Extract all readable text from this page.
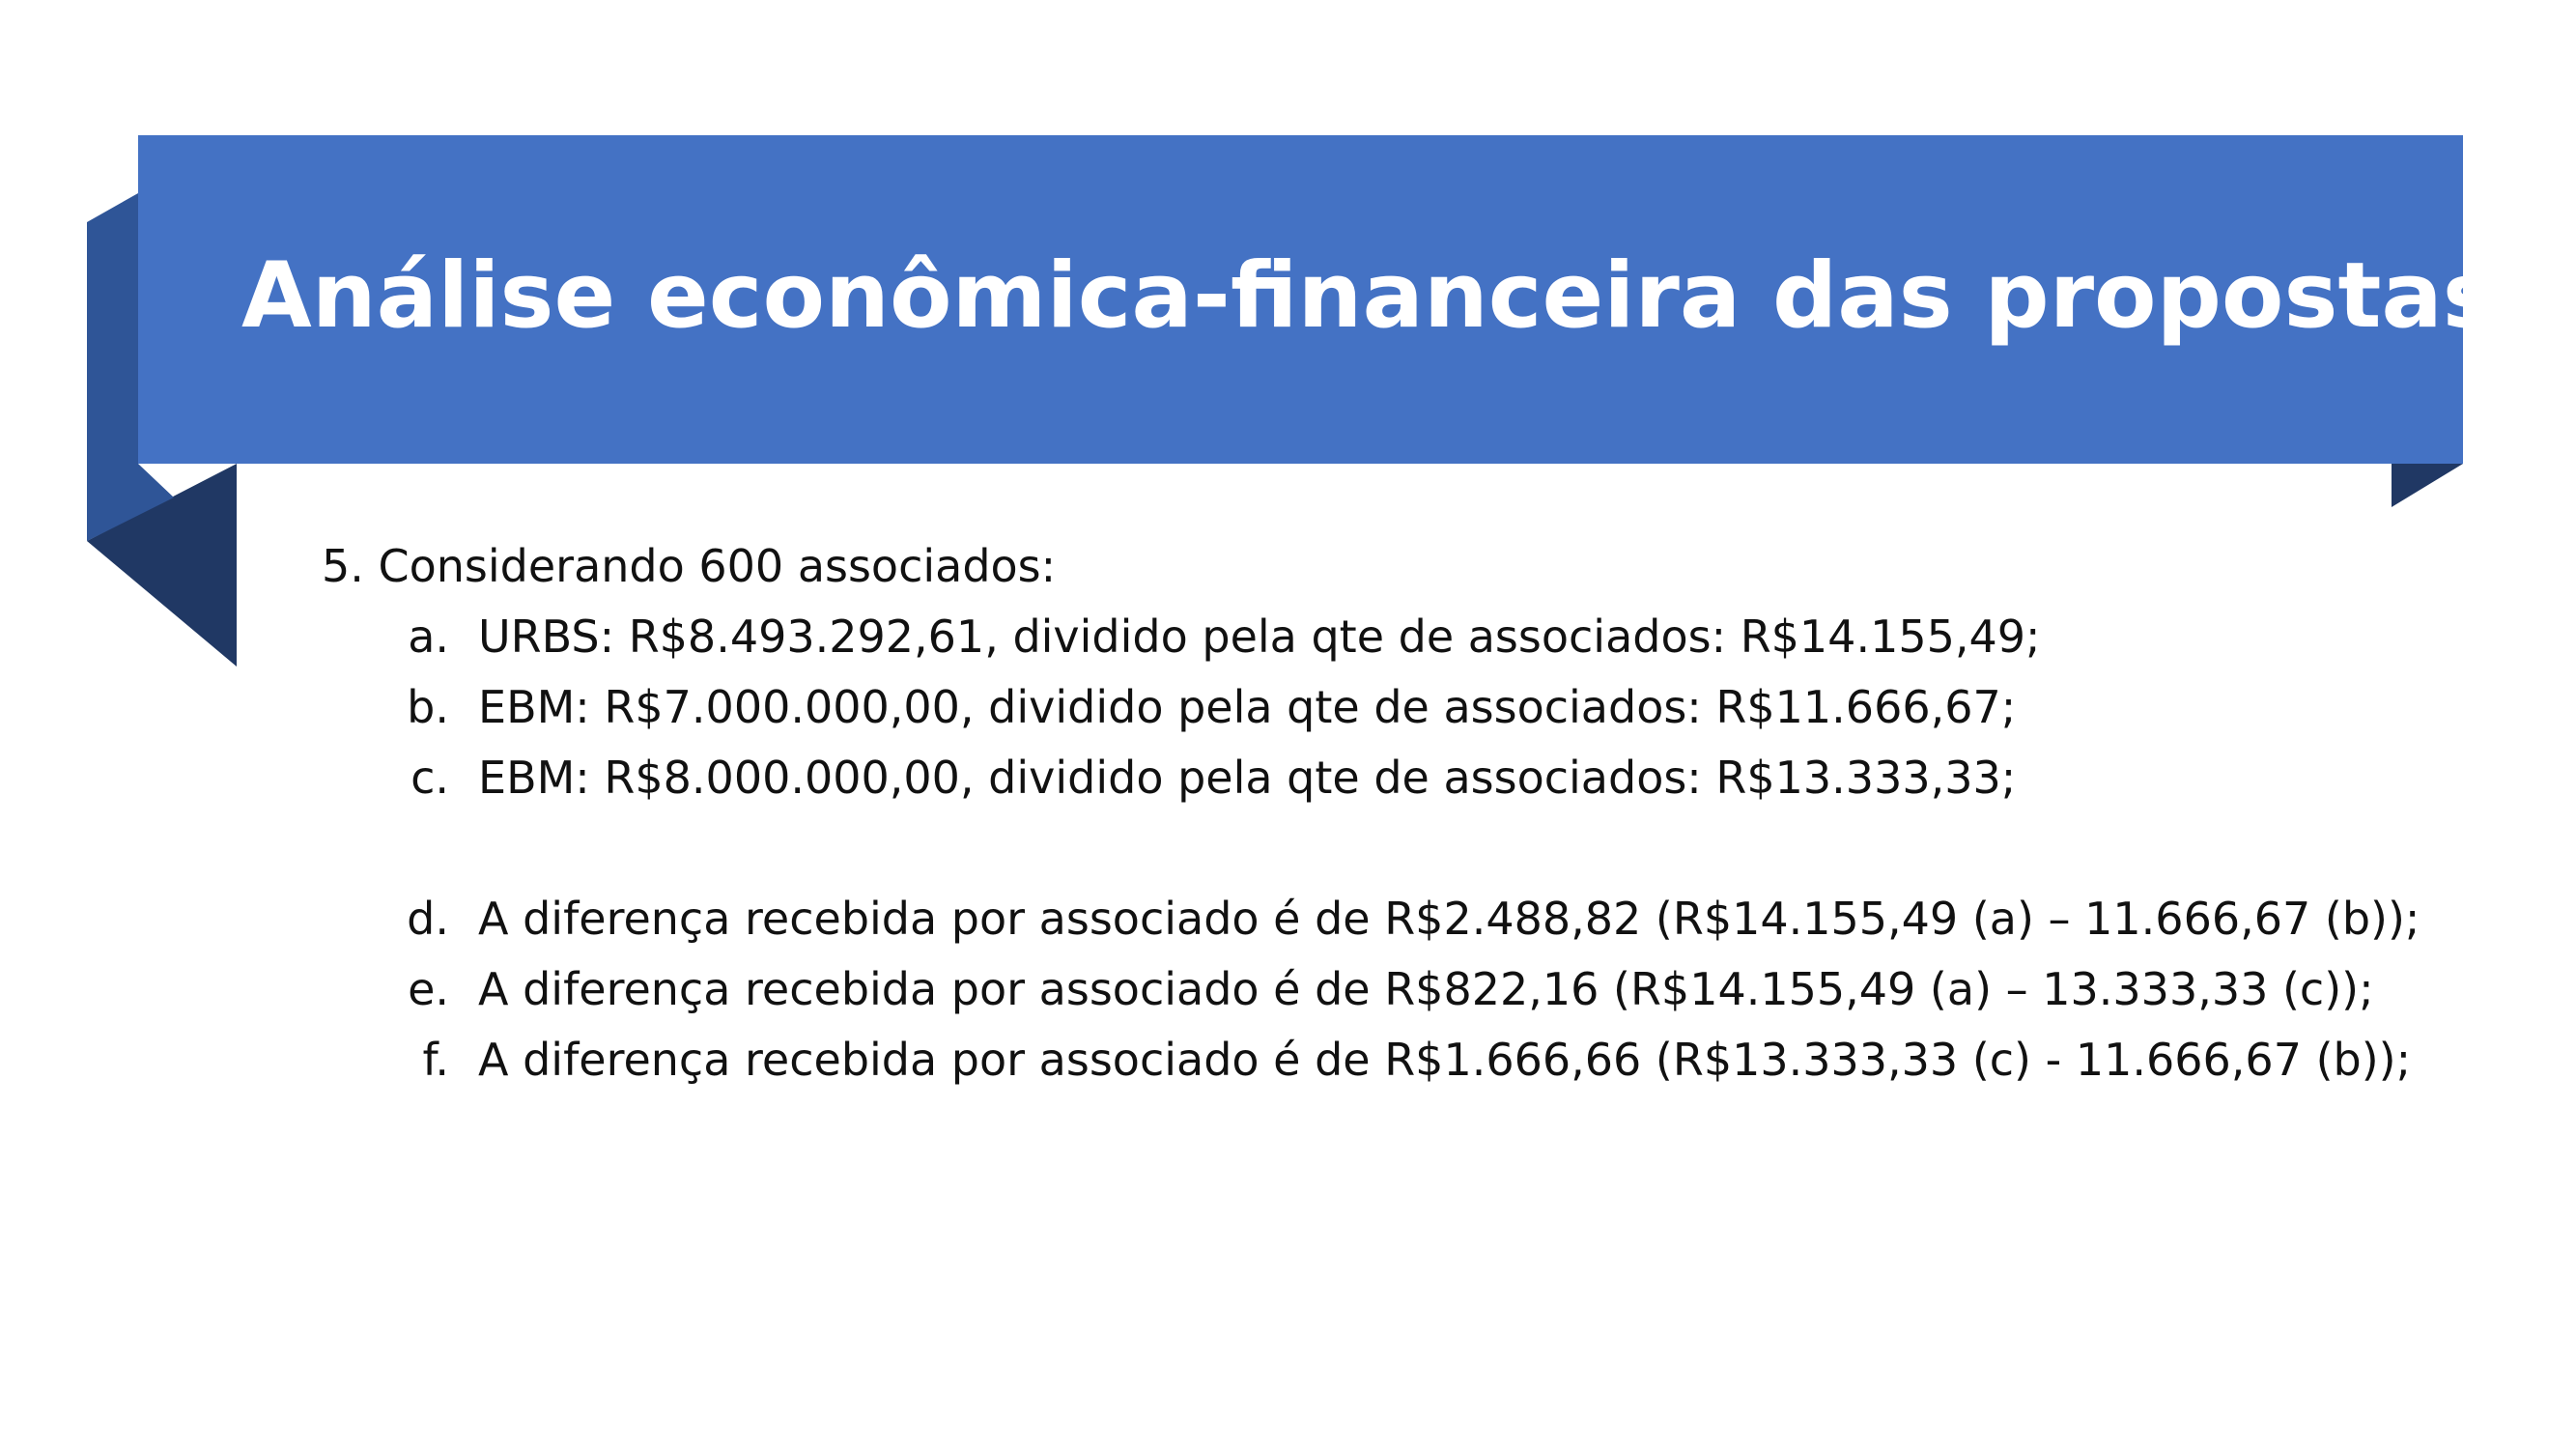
Análise econômica-financeira das propostas:
5. Considerando 600 associados:
a. URBS: R$8.493.292,61, dividido pela qte de associados: R$14.155,49;
b. EBM: R$7.000.000,00, dividido pela qte de associados: R$11.666,67;
c. EBM: R$8.000.000,00, dividido pela qte de associados: R$13.333,33;
d. A diferença recebida por associado é de R$2.488,82 (R$14.155,49 (a) – 11.666,67 (b));
e. A diferença recebida por associado é de R$822,16 (R$14.155,49 (a) – 13.333,33 (c));
f. A diferença recebida por associado é de R$1.666,66 (R$13.333,33 (c) - 11.666,67 (b));
